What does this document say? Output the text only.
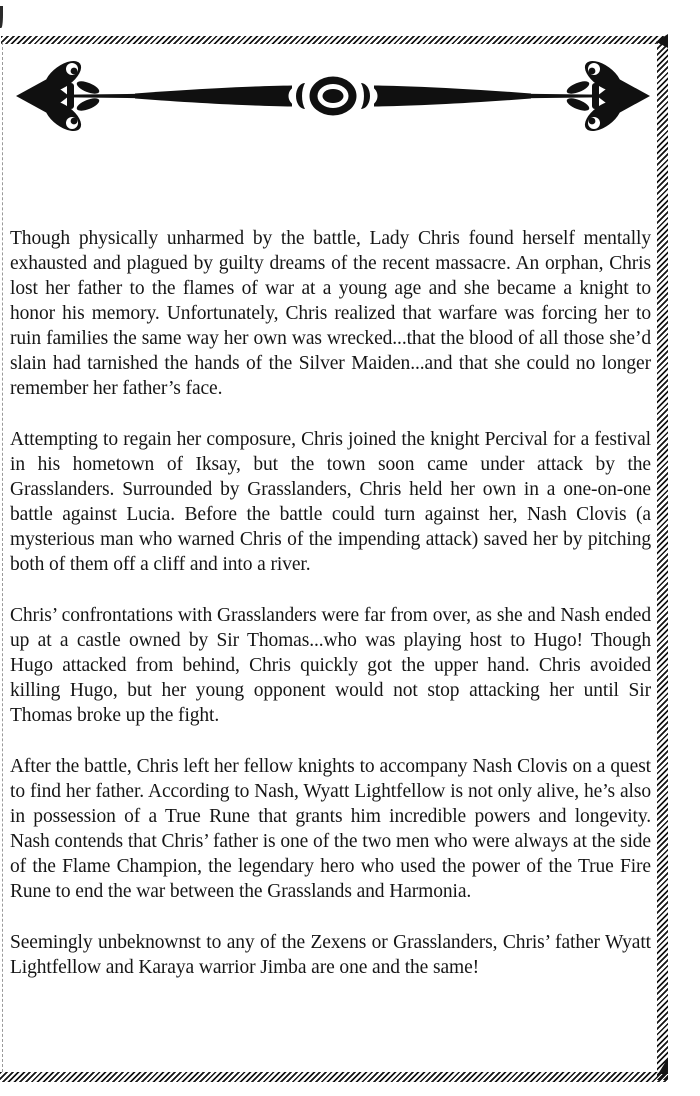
Though physically unharmed by the battle, Lady Chris found herself mentally exhausted and plagued by guilty dreams of the recent massacre. An orphan, Chris lost her father to the flames of war at a young age and she became a knight to honor his memory. Unfortunately, Chris realized that warfare was forcing her to ruin families the same way her own was wrecked...that the blood of all those she’d slain had tarnished the hands of the Silver Maiden...and that she could no longer remember her father’s face.

Attempting to regain her composure, Chris joined the knight Percival for a festival in his hometown of Iksay, but the town soon came under attack by the Grasslanders. Surrounded by Grasslanders, Chris held her own in a one-on-one battle against Lucia. Before the battle could turn against her, Nash Clovis (a mysterious man who warned Chris of the impending attack) saved her by pitching both of them off a cliff and into a river.

Chris’ confrontations with Grasslanders were far from over, as she and Nash ended up at a castle owned by Sir Thomas...who was playing host to Hugo! Though Hugo attacked from behind, Chris quickly got the upper hand. Chris avoided killing Hugo, but her young opponent would not stop attacking her until Sir Thomas broke up the fight.

After the battle, Chris left her fellow knights to accompany Nash Clovis on a quest to find her father. According to Nash, Wyatt Lightfellow is not only alive, he’s also in possession of a True Rune that grants him incredible powers and longevity. Nash contends that Chris’ father is one of the two men who were always at the side of the Flame Champion, the legendary hero who used the power of the True Fire Rune to end the war between the Grasslands and Harmonia.

Seemingly unbeknownst to any of the Zexens or Grasslanders, Chris’ father Wyatt Lightfellow and Karaya warrior Jimba are one and the same!
